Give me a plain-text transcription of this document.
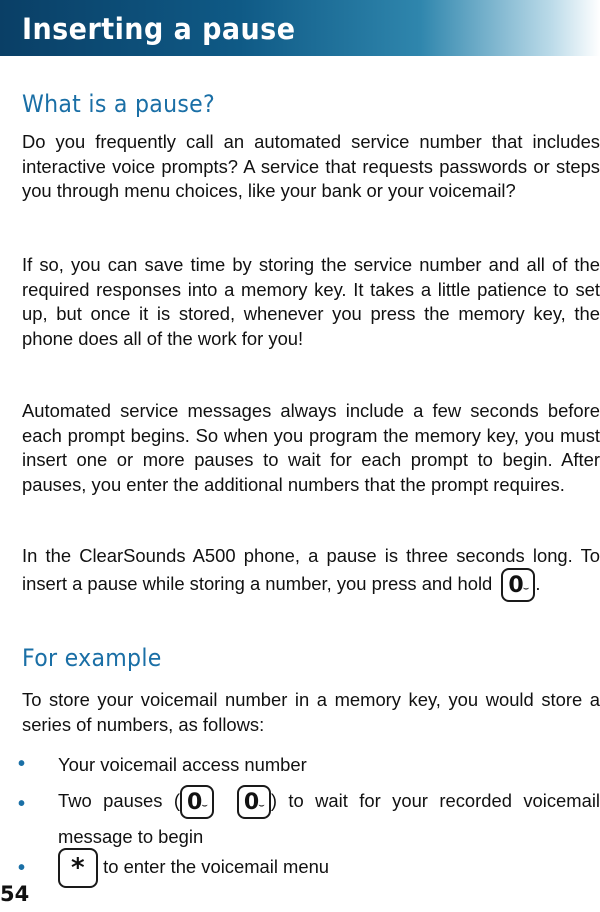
Inserting a pause
What is a pause?

Do you frequently call an automated service number that includes interactive voice prompts? A service that requests passwords or steps you through menu choices, like your bank or your voicemail?

If so, you can save time by storing the service number and all of the required responses into a memory key. It takes a little patience to set up, but once it is stored, whenever you press the memory key, the phone does all of the work for you!

Automated service messages always include a few seconds before each prompt begins. So when you program the memory key, you must insert one or more pauses to wait for each prompt to begin. After pauses, you enter the additional numbers that the prompt requires.

In the ClearSounds A500 phone, a pause is three seconds long. To insert a pause while storing a number, you press and hold 0 ⌣ .

For example

To store your voicemail number in a memory key, you would store a series of numbers, as follows:

• Your voicemail access number

• Two pauses ( 0 ⌣
0 ⌣ ) to wait for your recorded voicemail message to begin

• * to enter the voicemail menu

54
